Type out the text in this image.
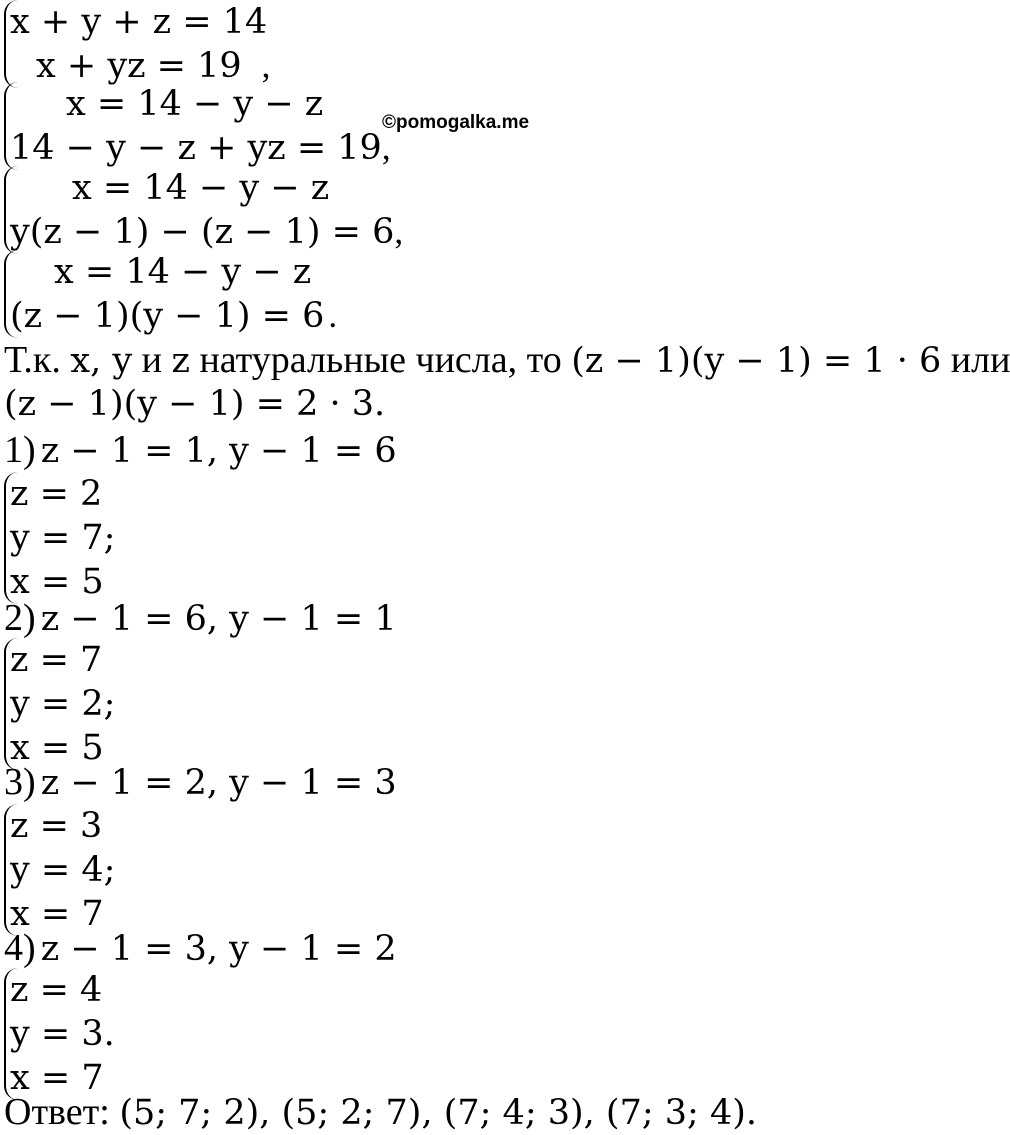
©pomogalka.me
x + y + z = 14
x + yz = 19 ,
x = 14 − y − z
14 − y − z + yz = 19,
x = 14 − y − z
y(z − 1) − (z − 1) = 6,
x = 14 − y − z
(z − 1)(y − 1) = 6 .
Т.к. x, y и z натуральные числа, то (z − 1)(y − 1) = 1 · 6 или
(z − 1)(y − 1) = 2 · 3.
1) z − 1 = 1, y − 1 = 6
z = 2
y = 7;
x = 5
2) z − 1 = 6, y − 1 = 1
z = 7
y = 2;
x = 5
3) z − 1 = 2, y − 1 = 3
z = 3
y = 4;
x = 7
4) z − 1 = 3, y − 1 = 2
z = 4
y = 3.
x = 7
Ответ: (5; 7; 2), (5; 2; 7), (7; 4; 3), (7; 3; 4).
